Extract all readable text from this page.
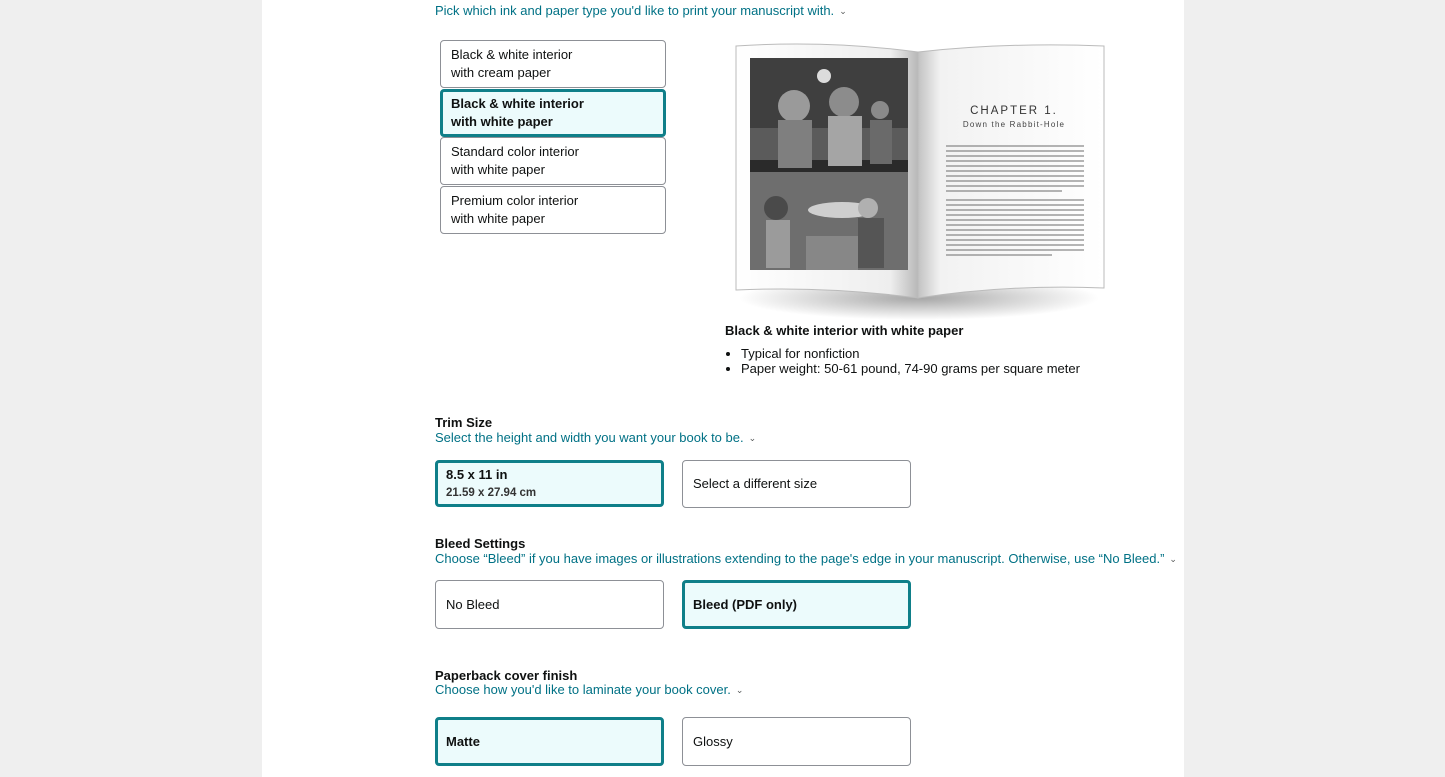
Pick which ink and paper type you'd like to print your manuscript with. ⌄
Black & white interior
with cream paper
Black & white interior
with white paper
Standard color interior
with white paper
Premium color interior
with white paper
CHAPTER 1.
Down the Rabbit-Hole
Black & white interior with white paper
• Typical for nonfiction
• Paper weight: 50-61 pound, 74-90 grams per square meter
Trim Size
Select the height and width you want your book to be. ⌄
8.5 x 11 in
21.59 x 27.94 cm
Select a different size
Bleed Settings
Choose “Bleed” if you have images or illustrations extending to the page's edge in your manuscript. Otherwise, use “No Bleed.” ⌄
No Bleed	Bleed (PDF only)
Paperback cover finish
Choose how you'd like to laminate your book cover. ⌄
Matte	Glossy
